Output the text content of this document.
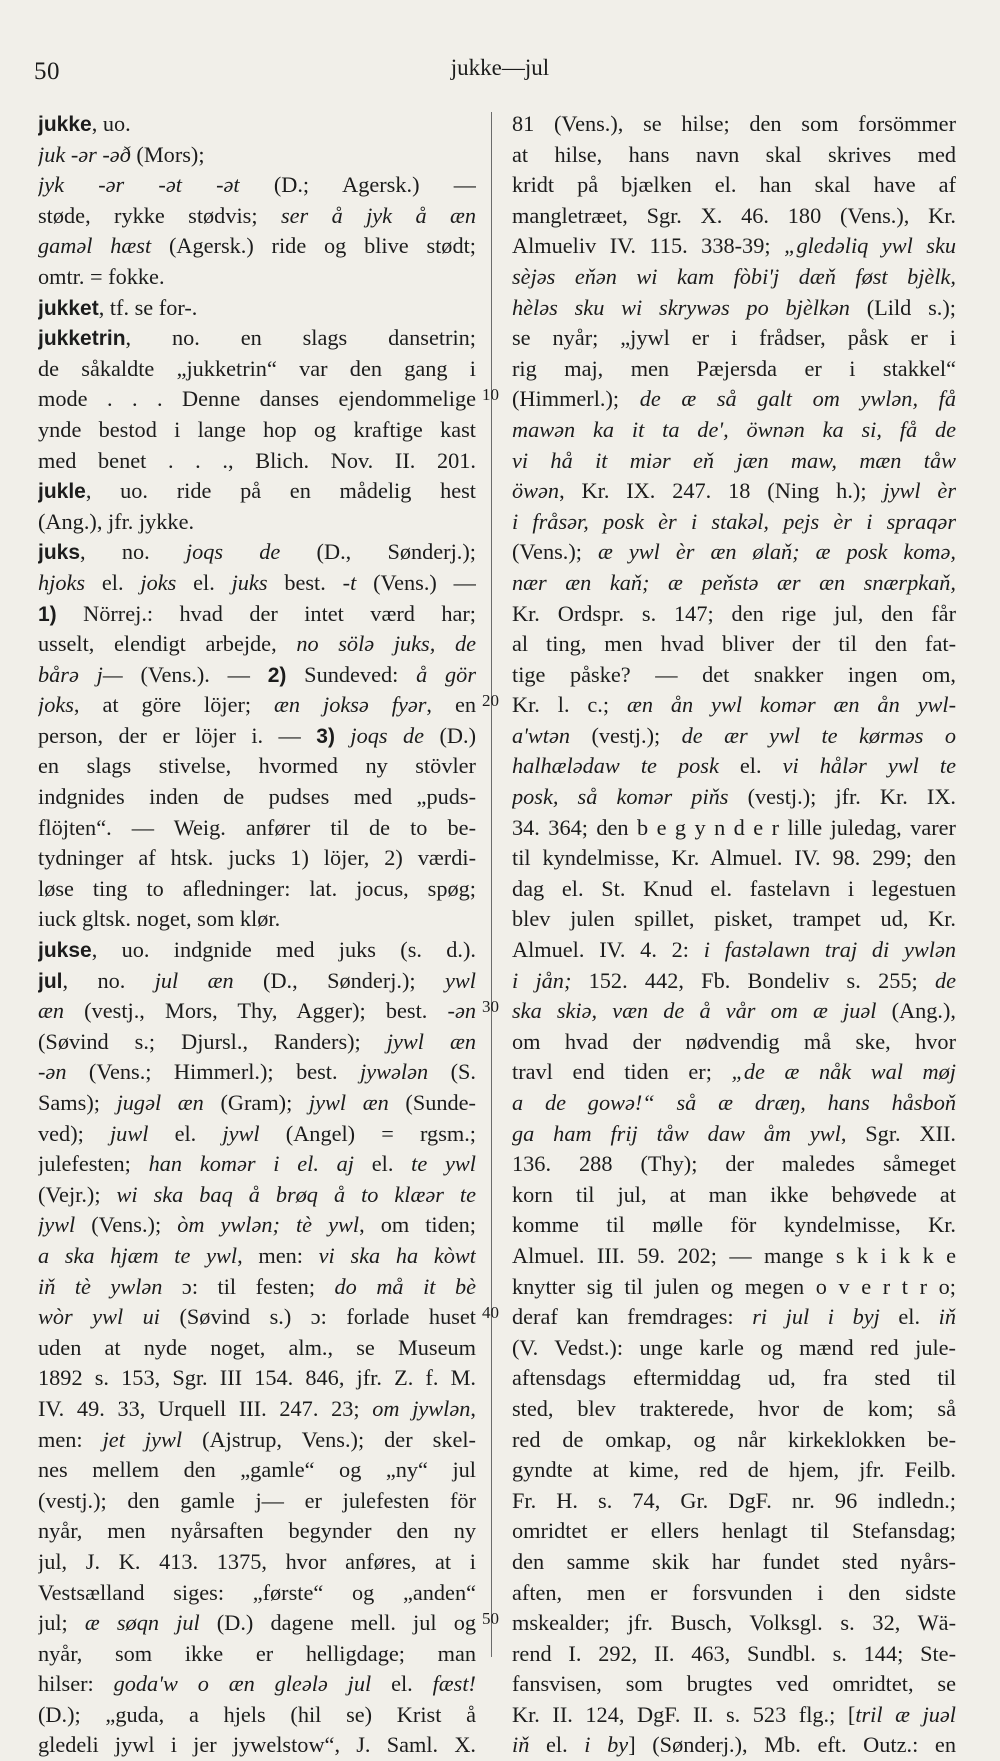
50	jukke—jul
jukke, uo.
juk -ər -əð (Mors);
jyk -ər -ət -ət (D.; Agersk.) —
støde, rykke stødvis; ser å jyk å æn
gaməl hæst (Agersk.) ride og blive stødt;
omtr. = fokke.
jukket, tf. se for-.
jukketrin, no. en slags dansetrin;
de såkaldte „jukketrin“ var den gang i
mode . . . Denne danses ejendommelige
ynde bestod i lange hop og kraftige kast
med benet . . ., Blich. Nov. II. 201.
jukle, uo. ride på en mådelig hest
(Ang.), jfr. jykke.
juks, no. joqs de (D., Sønderj.);
hjoks el. joks el. juks best. -t (Vens.) —
1) Nörrej.: hvad der intet værd har;
usselt, elendigt arbejde, no sölə juks, de
bårə j— (Vens.). — 2) Sundeved: å gör
joks, at göre löjer; æn joksə fyər, en
person, der er löjer i. — 3) joqs de (D.)
en slags stivelse, hvormed ny stövler
indgnides inden de pudses med „puds-
flöjten“. — Weig. anfører til de to be-
tydninger af htsk. jucks 1) löjer, 2) værdi-
løse ting to afledninger: lat. jocus, spøg;
iuck gltsk. noget, som klør.
jukse, uo. indgnide med juks (s. d.).
jul, no. jul æn (D., Sønderj.); ywl
æn (vestj., Mors, Thy, Agger); best. -ən
(Søvind s.; Djursl., Randers); jywl æn
-ən (Vens.; Himmerl.); best. jywələn (S.
Sams); jugəl æn (Gram); jywl æn (Sunde-
ved); juwl el. jywl (Angel) = rgsm.;
julefesten; han komər i el. aj el. te ywl
(Vejr.); wi ska baq å brøq å to klæər te
jywl (Vens.); òm ywlən; tè ywl, om tiden;
a ska hjæm te ywl, men: vi ska ha kòwt
iň tè ywlən ɔ: til festen; do må it bè
wòr ywl ui (Søvind s.) ɔ: forlade huset
uden at nyde noget, alm., se Museum
1892 s. 153, Sgr. III 154. 846, jfr. Z. f. M.
IV. 49. 33, Urquell III. 247. 23; om jywlən,
men: jet jywl (Ajstrup, Vens.); der skel-
nes mellem den „gamle“ og „ny“ jul
(vestj.); den gamle j— er julefesten för
nyår, men nyårsaften begynder den ny
jul, J. K. 413. 1375, hvor anføres, at i
Vestsælland siges: „første“ og „anden“
jul; æ søqn jul (D.) dagene mell. jul og
nyår, som ikke er helligdage; man
hilser: goda'w o æn gleələ jul el. fæst!
(D.); „guda, a hjels (hil se) Krist å
gledeli jywl i jer jywelstow“, J. Saml. X.
81 (Vens.), se hilse; den som forsömmer
at hilse, hans navn skal skrives med
kridt på bjælken el. han skal have af
mangletræet, Sgr. X. 46. 180 (Vens.), Kr.
Almueliv IV. 115. 338-39; „gledəliq ywl sku
sèjəs eňən wi kam fòbi'j dæň føst bjèlk,
hèləs sku wi skrywəs po bjèlkən (Lild s.);
se nyår; „jywl er i frådser, påsk er i
rig maj, men Pæjersda er i stakkel“
(Himmerl.); de æ så galt om ywlən, få
mawən ka it ta de', öwnən ka si, få de
vi hå it miər eň jæn maw, mæn tåw
öwən, Kr. IX. 247. 18 (Ning h.); jywl èr
i fråsər, posk èr i stakəl, pejs èr i spraqər
(Vens.); æ ywl èr æn ølaň; æ posk komə,
nær æn kaň; æ peňstə ær æn snærpkaň,
Kr. Ordspr. s. 147; den rige jul, den får
al ting, men hvad bliver der til den fat-
tige påske? — det snakker ingen om,
Kr. l. c.; æn ån ywl komər æn ån ywl-
a'wtən (vestj.); de ær ywl te kørməs o
halhælədaw te posk el. vi hålər ywl te
posk, så komər piňs (vestj.); jfr. Kr. IX.
34. 364; den b e g y n d e r lille juledag, varer
til kyndelmisse, Kr. Almuel. IV. 98. 299; den
dag el. St. Knud el. fastelavn i legestuen
blev julen spillet, pisket, trampet ud, Kr.
Almuel. IV. 4. 2: i fastəlawn traj di ywlən
i jån; 152. 442, Fb. Bondeliv s. 255; de
ska skiə, væn de å vår om æ juəl (Ang.),
om hvad der nødvendig må ske, hvor
travl end tiden er; „de æ nåk wal møj
a de gowə!“ så æ dræŋ, hans håsboň
ga ham frij tåw daw åm ywl, Sgr. XII.
136. 288 (Thy); der maledes såmeget
korn til jul, at man ikke behøvede at
komme til mølle för kyndelmisse, Kr.
Almuel. III. 59. 202; — mange s k i k k e
knytter sig til julen og megen o v e r t r o;
deraf kan fremdrages: ri jul i byj el. iň
(V. Vedst.): unge karle og mænd red jule-
aftensdags eftermiddag ud, fra sted til
sted, blev trakterede, hvor de kom; så
red de omkap, og når kirkeklokken be-
gyndte at kime, red de hjem, jfr. Feilb.
Fr. H. s. 74, Gr. DgF. nr. 96 indledn.;
omridtet er ellers henlagt til Stefansdag;
den samme skik har fundet sted nyårs-
aften, men er forsvunden i den sidste
mskealder; jfr. Busch, Volksgl. s. 32, Wä-
rend I. 292, II. 463, Sundbl. s. 144; Ste-
fansvisen, som brugtes ved omridtet, se
Kr. II. 124, DgF. II. s. 523 flg.; [tril æ juəl
iň el. i by] (Sønderj.), Mb. eft. Outz.: en
10
20
30
40
50
